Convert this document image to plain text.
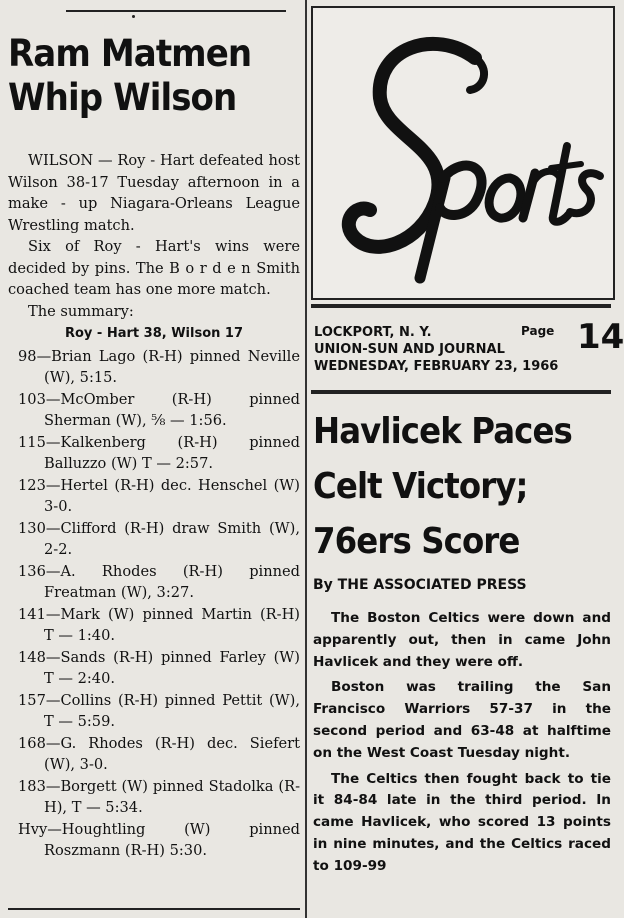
Ram Matmen
Whip Wilson

WILSON — Roy - Hart defeated host Wilson 38-17 Tuesday afternoon in a make - up Niagara-Orleans League Wrestling match.

Six of Roy - Hart's wins were decided by pins. The B o r d e n Smith coached team has one more match.

The summary:

Roy - Hart 38, Wilson 17

98—Brian Lago (R-H) pinned Neville (W), 5:15.

103—McOmber (R-H) pinned Sherman (W), ⅝ — 1:56.

115—Kalkenberg (R-H) pinned Balluzzo (W) T — 2:57.

123—Hertel (R-H) dec. Henschel (W) 3-0.

130—Clifford (R-H) draw Smith (W), 2-2.

136—A. Rhodes (R-H) pinned Freatman (W), 3:27.

141—Mark (W) pinned Martin (R-H) T — 1:40.

148—Sands (R-H) pinned Farley (W) T — 2:40.

157—Collins (R-H) pinned Pettit (W), T — 5:59.

168—G. Rhodes (R-H) dec. Siefert (W), 3-0.

183—Borgett (W) pinned Stadolka (R-H), T — 5:34.

Hvy—Houghtling (W) pinned Roszmann (R-H) 5:30.

LOCKPORT, N. Y.
UNION-SUN AND JOURNAL
WEDNESDAY, FEBRUARY 23, 1966
Page 14
Havlicek Paces
Celt Victory;
76ers Score
By THE ASSOCIATED PRESS

The Boston Celtics were down and apparently out, then in came John Havlicek and they were off.

Boston was trailing the San Francisco Warriors 57-37 in the second period and 63-48 at halftime on the West Coast Tuesday night.

The Celtics then fought back to tie it 84-84 late in the third period. In came Havlicek, who scored 13 points in nine minutes, and the Celtics raced to 109-99
